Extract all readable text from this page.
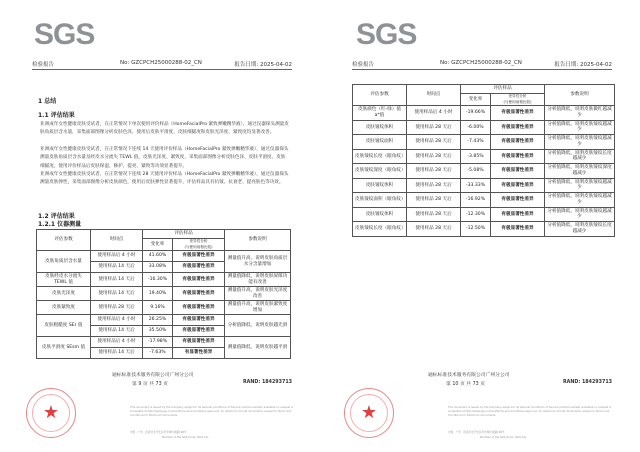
SGS
检验报告	No: GZCPCH25000288-02_CN	报告日期: 2025-04-02
1 总结
1.1 评估结果
亚洲成年女性健康皮肤受试者，在正常情况下单次使用评价样品（HomeFacialPro 紧致弹嫩精华液），通过仪器探头测量皮肤角质层含水量，采集面部图像分析皮肤色泽，使用后皮肤平滑度、皮肤细腻度和皮肤光泽度、紧致度均显著改善。
亚洲成年女性健康皮肤受试者，在正常情况下连续 14 天使用评价样品（HomeFacialPro 紧致弹嫩精华液），通过仪器探头测量皮肤角质层含水量及经皮水分流失 TEWL 值，皮肤光泽度、紧致度，采集面部图像分析皮肤色泽、皮肤平滑度、皮肤细腻度，使用评价样品后皮肤保湿、修护、提亮、紧致等功效显著提升。
亚洲成年女性健康皮肤受试者，在正常情况下连续 28 天使用评价样品（HomeFacialPro 紧致弹嫩精华液），通过仪器探头测量皮肤弹性，采集面部图像分析皮肤颜色，使用后皮肤弹性显著提升，评估样品具有抗皱、抗衰老、提亮肤色等功效。
1.2 评估结果
1.2.1 仪器测量
评估参数	时间点	评估样品		参数说明
		变化率	差异性分析
(与使用前相比较)	
皮肤角质层含水量	使用样品后 4 小时	41.60%	有极显著性差异	测量值升高，说明皮肤角质层水分含量增加
	使用样品 14 天后	33.08%	有极显著性差异	
皮肤经皮水分流失 TEWL 值	使用样品 14 天后	-16.30%	有极显著性差异	测量值降低，说明皮肤屏障功能有改善
皮肤光泽度	使用样品 14 天后	19.40%	有极显著性差异	测量值升高，说明皮肤光泽度改善
皮肤紧致度	使用样品 28 天后	9.16%	有极显著性差异	测量值升高，说明皮肤紧致度增加
皮肤粗糙度 SEr 值	使用样品后 4 小时	26.25%	有极显著性差异	分析值降低，说明皮肤越光滑
	使用样品 14 天后	35.50%	有极显著性差异	
皮肤平滑度 SEsm 值	使用样品后 4 小时	-17.98%	有极显著性差异	测量值降低，说明皮肤越平滑
	使用样品 14 天后	-7.63%	有显著性差异	
通标标准技术服务有限公司广州分公司
第 9 页 共 73 页	RAND: 184293713
★	This document is issued by the Company subject to its General Conditions of Service printed overleaf, available on request or accessible at http://www.sgs.com/en/Terms-and-Conditions.aspx and, for electronic format documents, subject to Terms and Conditions for Electronic Documents.
中国 · 广州 · 经济技术开发区科学城科珠路198号
Member of the SGS Group (SGS SA)
SGS
检验报告	No: GZCPCH25000288-02_CN	报告日期: 2025-04-02
评估参数	时间点	评估样品		参数说明
		变化率	差异性分析
(与使用前相比较)	
皮肤颜色（红-绿）值 a*值	使用样品后 4 小时	-19.66%	有极显著性差异	分析值降低，说明皮肤微红越减少
皮肤皱纹体积	使用样品 28 天后	-6.00%	有极显著性差异	分析值降低，说明皮肤皱纹越减少
皮肤皱纹面积	使用样品 28 天后	-7.43%	有极显著性差异	分析值降低，说明皮肤皱纹越减少
皮肤皱纹长度（眼角纹）	使用样品 28 天后	-3.85%	有极显著性差异	分析值降低，说明皮肤皱纹长度越减少
皮肤皱纹深度（眼角纹）	使用样品 28 天后	-5.08%	有极显著性差异	分析值降低，说明皮肤皱纹深度越减少
皮肤皱纹体积	使用样品 28 天后	-33.33%	有极显著性差异	分析值降低，说明皮肤皱纹越减少
皮肤皱纹面积（眼角纹）	使用样品 28 天后	-16.92%	有极显著性差异	分析值降低，说明皮肤皱纹越减少
皮肤皱纹体积	使用样品 28 天后	-12.30%	有极显著性差异	分析值降低，说明皮肤皱纹越减少
皮肤皱纹长度（眼角纹）	使用样品 28 天后	-12.50%	有极显著性差异	分析值降低，说明皮肤皱纹长度越减少
通标标准技术服务有限公司广州分公司
第 10 页 共 73 页	RAND: 184293713
★	This document is issued by the Company subject to its General Conditions of Service printed overleaf, available on request or accessible at http://www.sgs.com/en/Terms-and-Conditions.aspx and, for electronic format documents, subject to Terms and Conditions for Electronic Documents.
中国 · 广州 · 经济技术开发区科学城科珠路198号
Member of the SGS Group (SGS SA)
